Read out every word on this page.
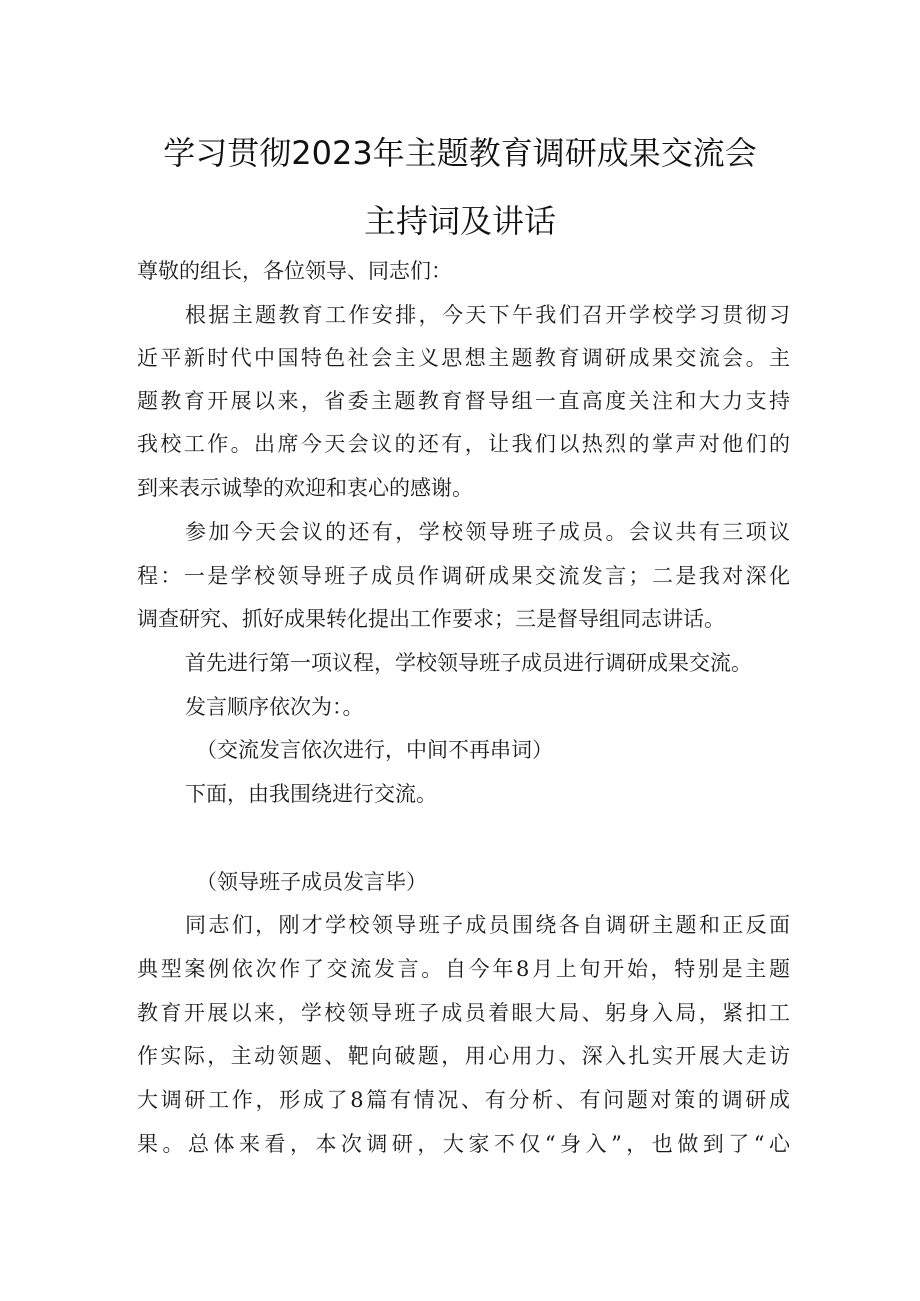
学习贯彻2023年主题教育调研成果交流会
主持词及讲话
尊敬的组长，各位领导、同志们：
根据主题教育工作安排，今天下午我们召开学校学习贯彻习
近平新时代中国特色社会主义思想主题教育调研成果交流会。主
题教育开展以来，省委主题教育督导组一直高度关注和大力支持
我校工作。出席今天会议的还有，让我们以热烈的掌声对他们的
到来表示诚挚的欢迎和衷心的感谢。
参加今天会议的还有，学校领导班子成员。会议共有三项议
程：一是学校领导班子成员作调研成果交流发言；二是我对深化
调查研究、抓好成果转化提出工作要求；三是督导组同志讲话。
首先进行第一项议程，学校领导班子成员进行调研成果交流。
发言顺序依次为：。
（交流发言依次进行，中间不再串词）
下面，由我围绕进行交流。
（领导班子成员发言毕）
同志们，刚才学校领导班子成员围绕各自调研主题和正反面
典型案例依次作了交流发言。自今年8月上旬开始，特别是主题
教育开展以来，学校领导班子成员着眼大局、躬身入局，紧扣工
作实际，主动领题、靶向破题，用心用力、深入扎实开展大走访
大调研工作，形成了8篇有情况、有分析、有问题对策的调研成
果。总体来看，本次调研，大家不仅“身入”，也做到了“心
